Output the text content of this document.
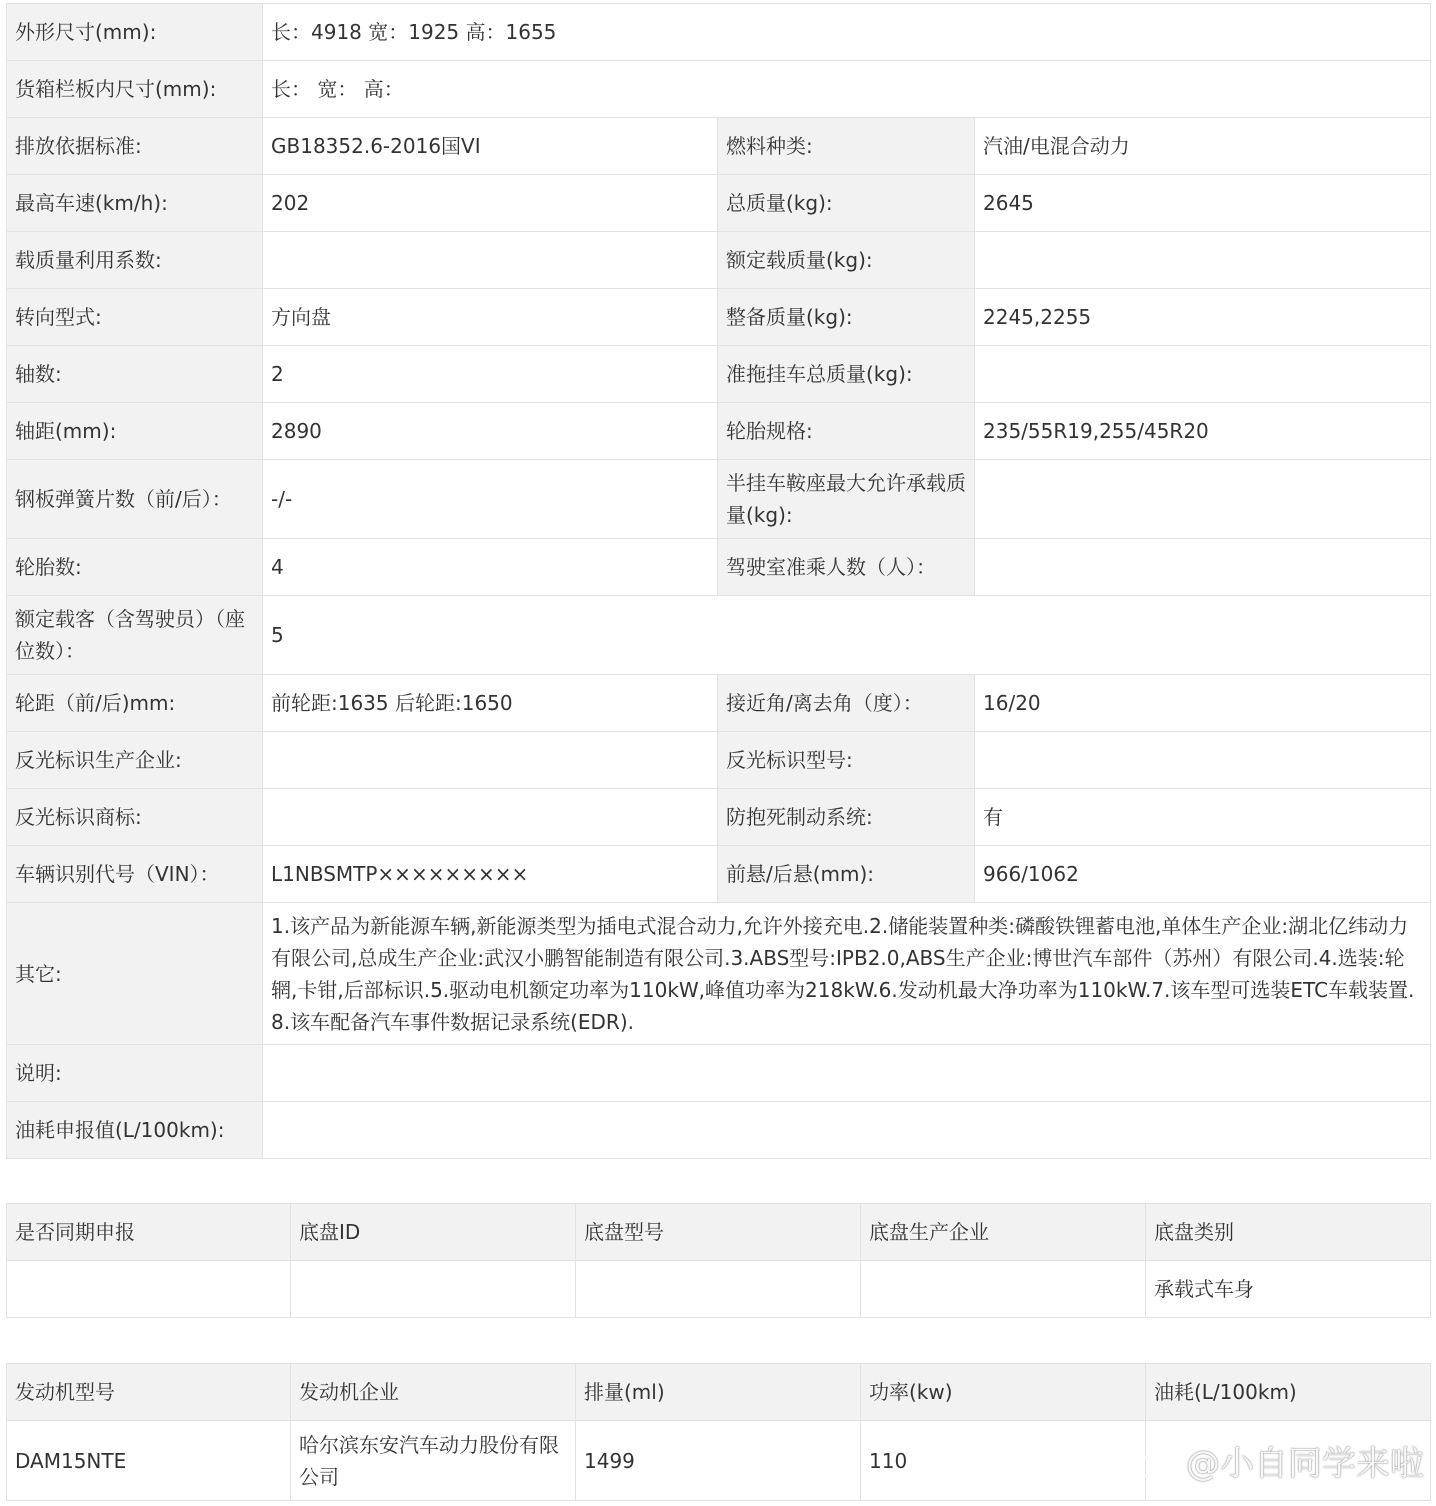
外形尺寸(mm):	长：4918 宽：1925 高：1655		
货箱栏板内尺寸(mm):	长： 宽： 高：		
排放依据标准:	GB18352.6-2016国VI	燃料种类:	汽油/电混合动力
最高车速(km/h):	202	总质量(kg):	2645
载质量利用系数:		额定载质量(kg):	
转向型式:	方向盘	整备质量(kg):	2245,2255
轴数:	2	准拖挂车总质量(kg):	
轴距(mm):	2890	轮胎规格:	235/55R19,255/45R20
钢板弹簧片数（前/后）：	-/-	半挂车鞍座最大允许承载质量(kg):	
轮胎数:	4	驾驶室准乘人数（人）：	
额定载客（含驾驶员）（座位数）：	5		
轮距（前/后)mm:	前轮距:1635 后轮距:1650	接近角/离去角（度）：	16/20
反光标识生产企业:		反光标识型号:	
反光标识商标:		防抱死制动系统:	有
车辆识别代号（VIN）：	L1NBSMTP×××××××××	前悬/后悬(mm):	966/1062
其它:	1.该产品为新能源车辆,新能源类型为插电式混合动力,允许外接充电.2.储能装置种类:磷酸铁锂蓄电池,单体生产企业:湖北亿纬动力有限公司,总成生产企业:武汉小鹏智能制造有限公司.3.ABS型号:IPB2.0,ABS生产企业:博世汽车部件（苏州）有限公司.4.选装:轮辋,卡钳,后部标识.5.驱动电机额定功率为110kW,峰值功率为218kW.6.发动机最大净功率为110kW.7.该车型可选装ETC车载装置.8.该车配备汽车事件数据记录系统(EDR).		
说明:			
油耗申报值(L/100km):			
是否同期申报	底盘ID	底盘型号	底盘生产企业	底盘类别
				承载式车身
发动机型号	发动机企业	排量(ml)	功率(kw)	油耗(L/100km)
DAM15NTE	哈尔滨东安汽车动力股份有限公司	1499	110		@小自同学来啦
